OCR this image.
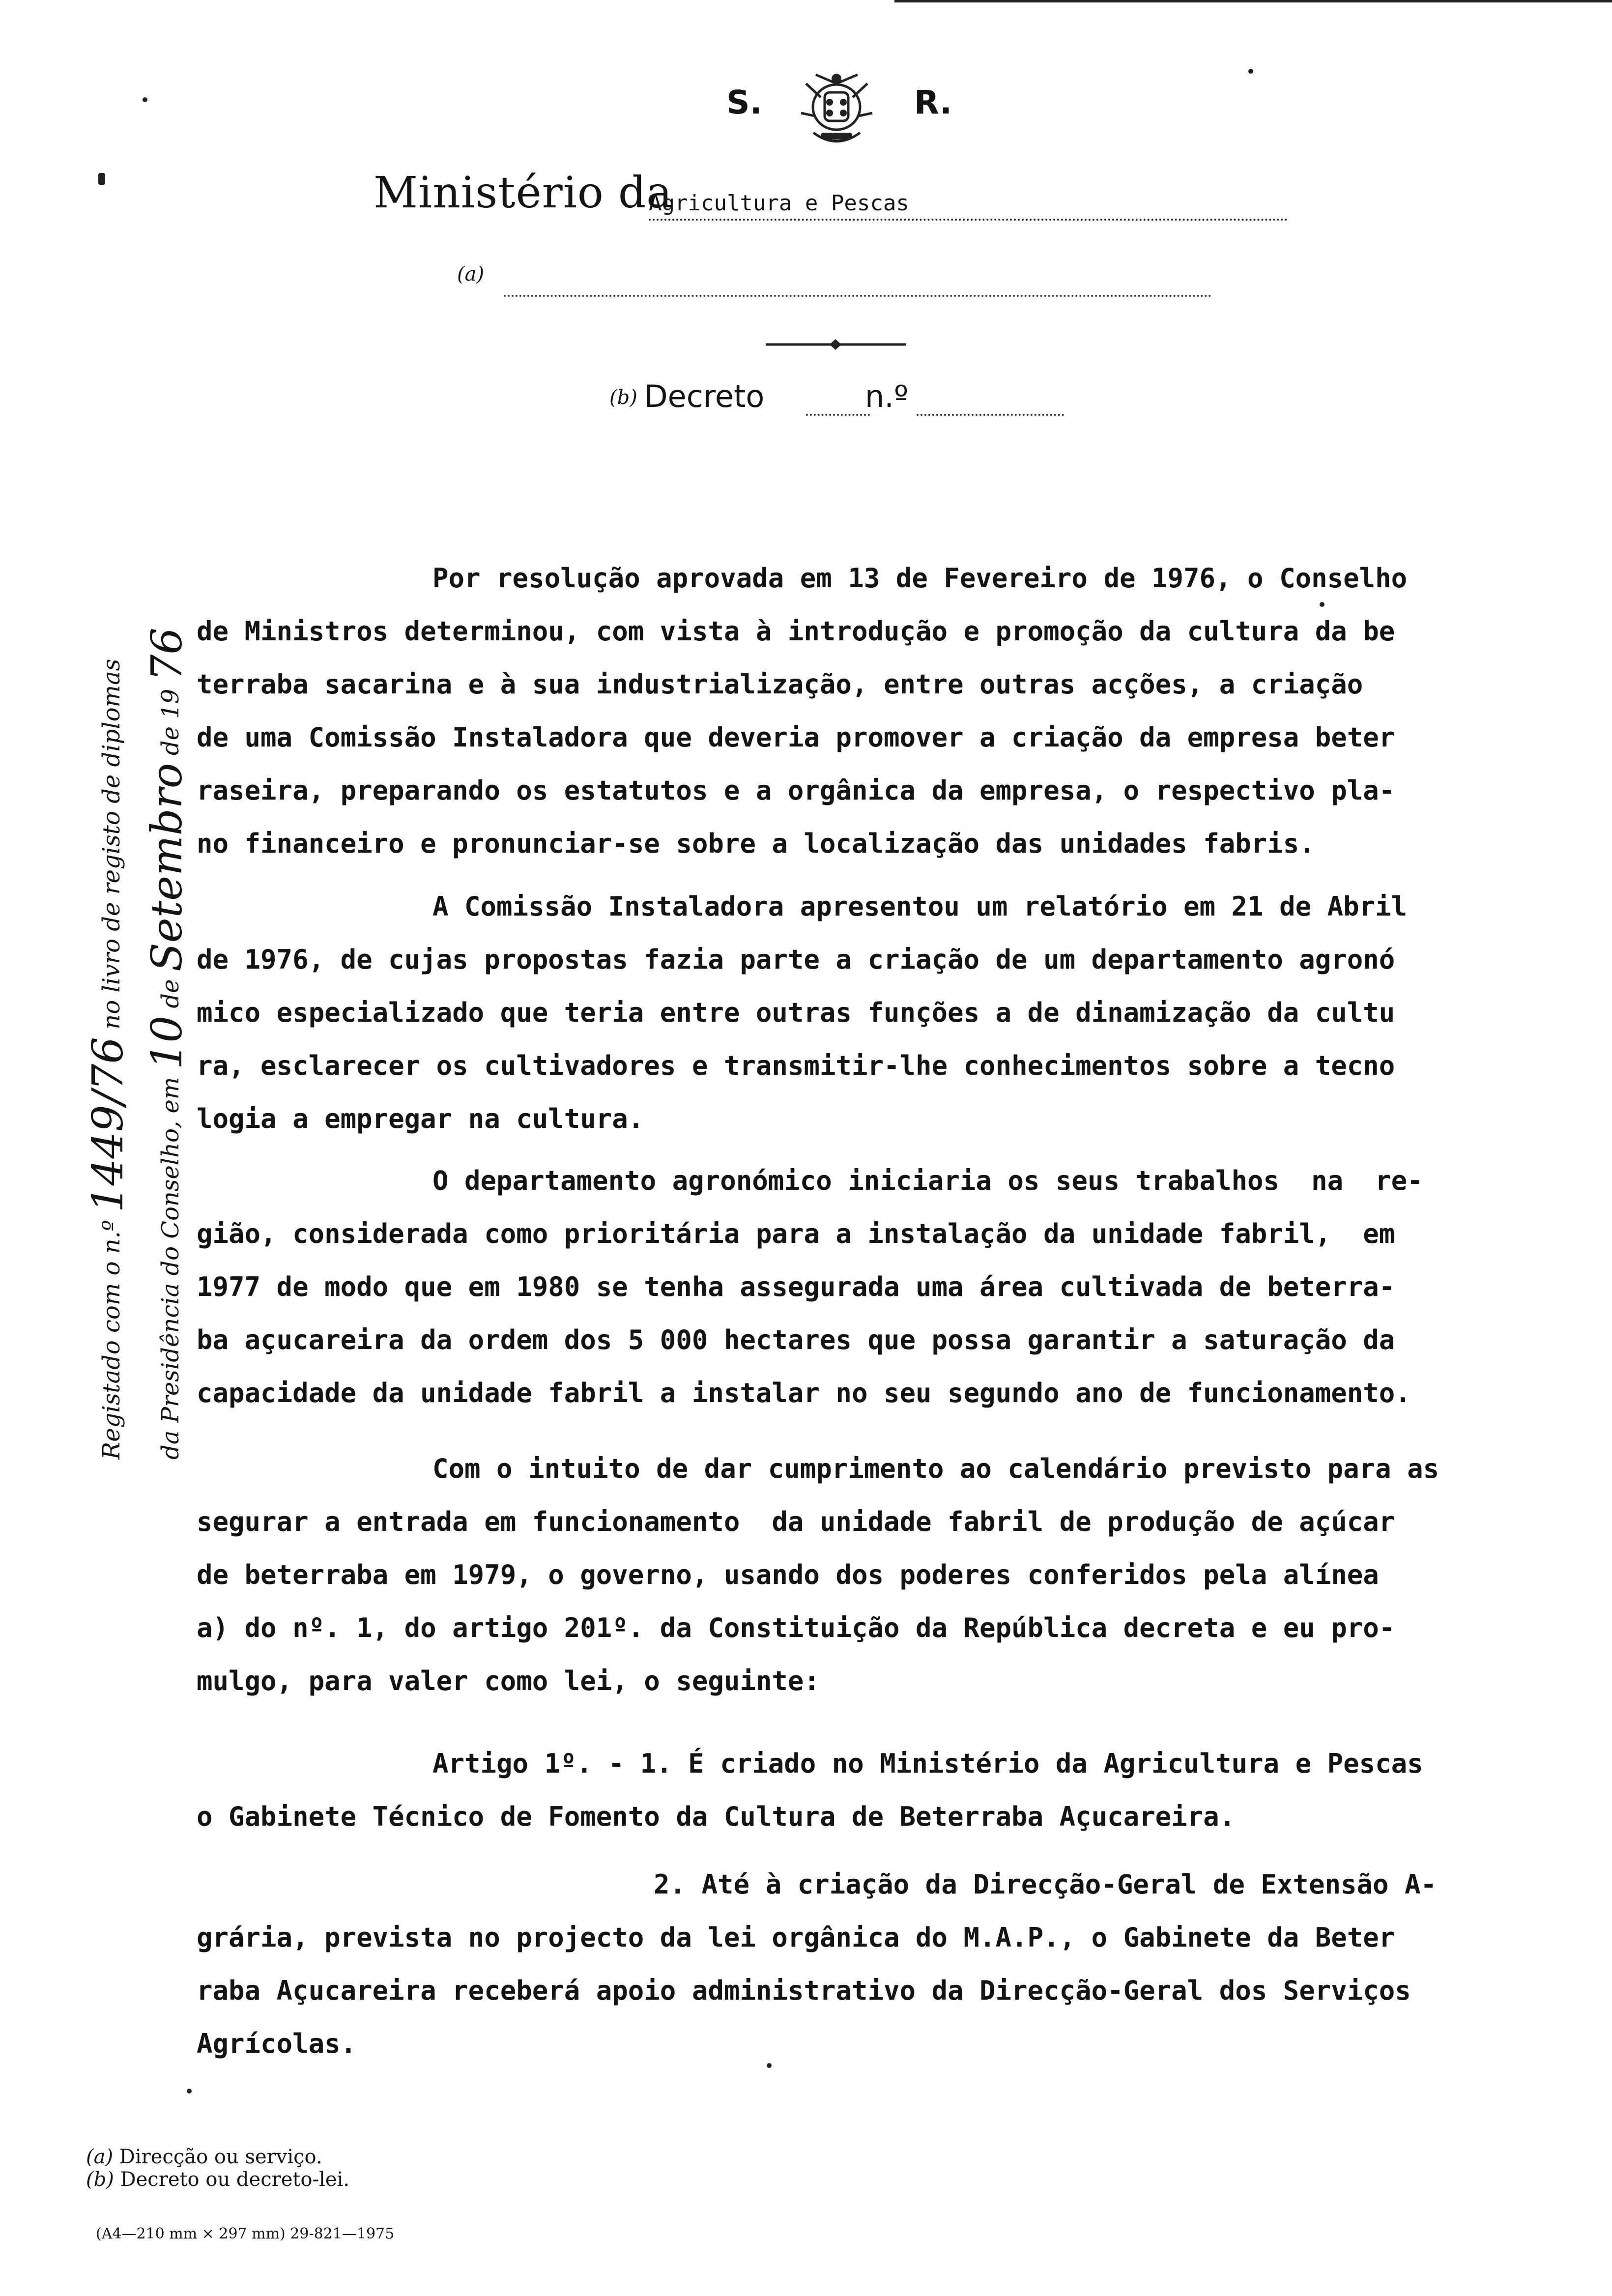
S.	R.
Ministério da
Agricultura e Pescas
(a)
(b) Decreto	n.º
Registado com o n.º 1449/76 no livro de registo de diplomas
da Presidência do Conselho, em 10 de Setembro de 19 76
Por resolução aprovada em 13 de Fevereiro de 1976, o Conselho
de Ministros determinou, com vista à introdução e promoção da cultura da be
terraba sacarina e à sua industrialização, entre outras acções, a criação
de uma Comissão Instaladora que deveria promover a criação da empresa beter
raseira, preparando os estatutos e a orgânica da empresa, o respectivo pla-
no financeiro e pronunciar-se sobre a localização das unidades fabris.
A Comissão Instaladora apresentou um relatório em 21 de Abril
de 1976, de cujas propostas fazia parte a criação de um departamento agronó
mico especializado que teria entre outras funções a de dinamização da cultu
ra, esclarecer os cultivadores e transmitir-lhe conhecimentos sobre a tecno
logia a empregar na cultura.
O departamento agronómico iniciaria os seus trabalhos  na  re-
gião, considerada como prioritária para a instalação da unidade fabril,  em
1977 de modo que em 1980 se tenha assegurada uma área cultivada de beterra-
ba açucareira da ordem dos 5 000 hectares que possa garantir a saturação da
capacidade da unidade fabril a instalar no seu segundo ano de funcionamento.
Com o intuito de dar cumprimento ao calendário previsto para as
segurar a entrada em funcionamento  da unidade fabril de produção de açúcar
de beterraba em 1979, o governo, usando dos poderes conferidos pela alínea
a) do nº. 1, do artigo 201º. da Constituição da República decreta e eu pro-
mulgo, para valer como lei, o seguinte:
Artigo 1º. - 1. É criado no Ministério da Agricultura e Pescas
o Gabinete Técnico de Fomento da Cultura de Beterraba Açucareira.
2. Até à criação da Direcção-Geral de Extensão A-
grária, prevista no projecto da lei orgânica do M.A.P., o Gabinete da Beter
raba Açucareira receberá apoio administrativo da Direcção-Geral dos Serviços
Agrícolas.
(a) Direcção ou serviço.
(b) Decreto ou decreto-lei.
(A4—210 mm × 297 mm) 29-821—1975
